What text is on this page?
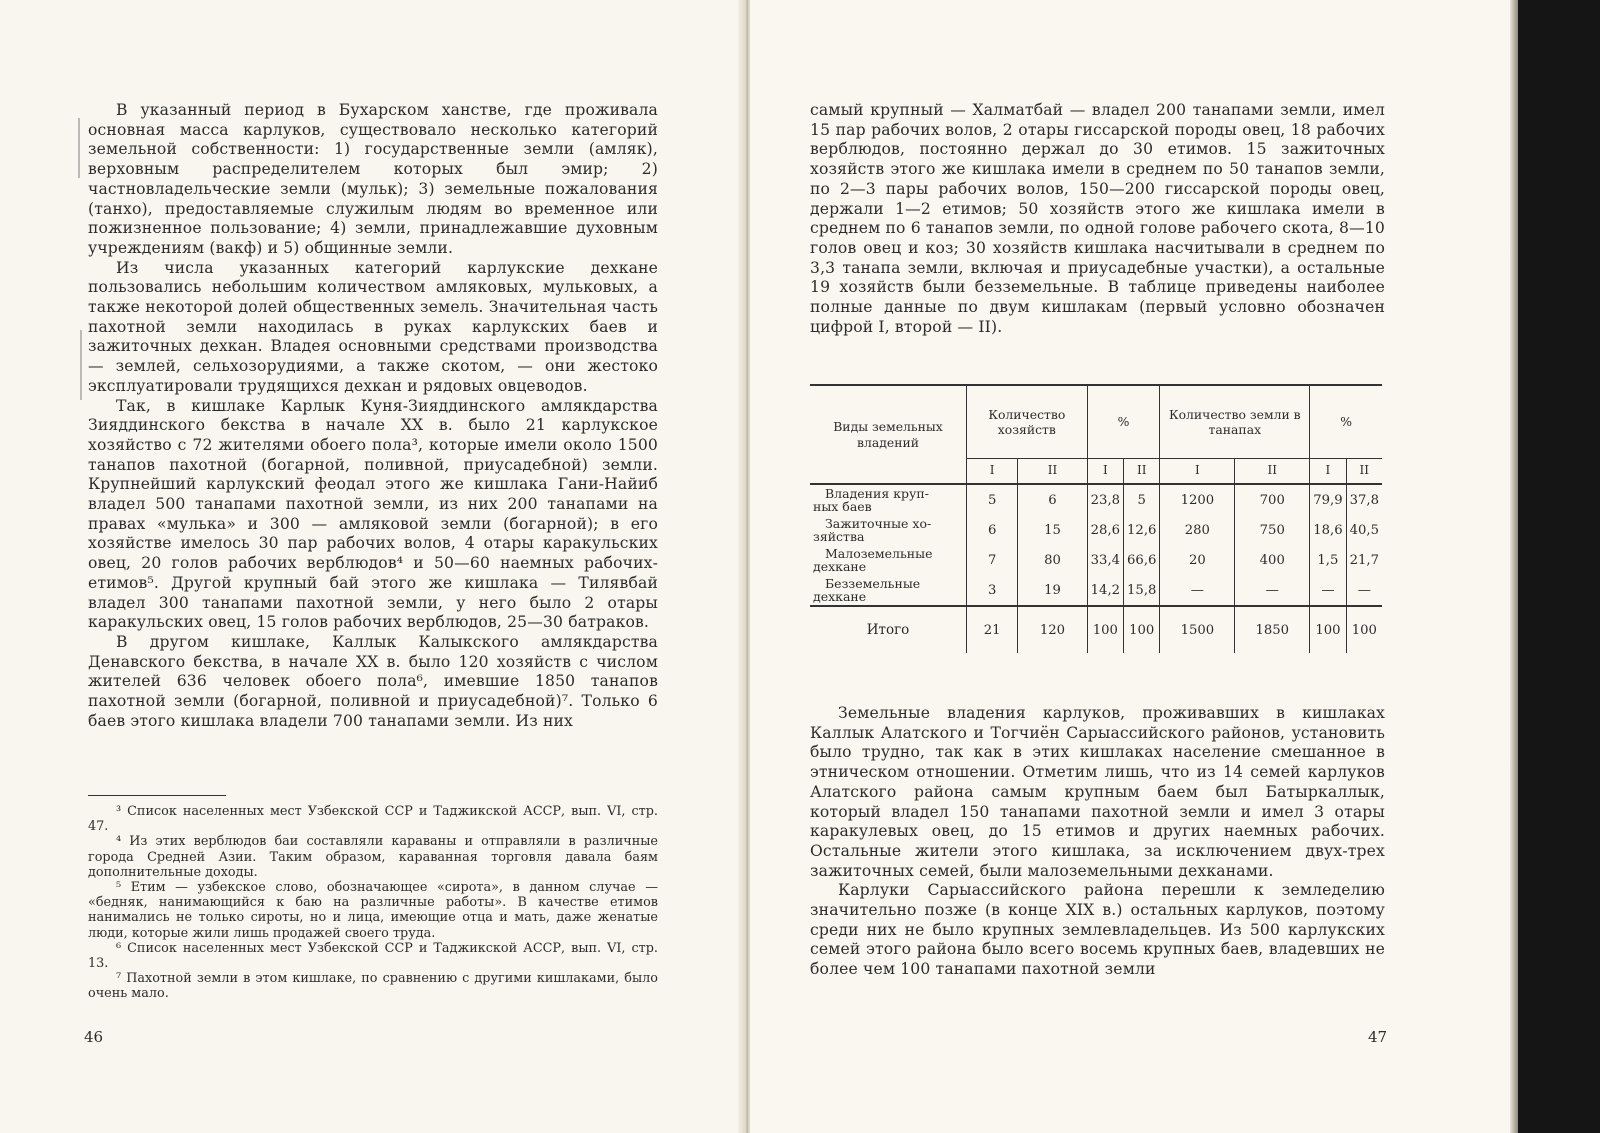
В указанный период в Бухарском ханстве, где проживала основная масса карлуков, существовало несколько категорий земельной собственности: 1) государственные земли (амляк), верховным распределителем которых был эмир; 2) частновладельческие земли (мульк); 3) земельные пожалования (танхо), предоставляемые служилым людям во временное или пожизненное пользование; 4) земли, принадлежавшие духовным учреждениям (вакф) и 5) общинные земли.

Из числа указанных категорий карлукские дехкане пользовались небольшим количеством амляковых, мульковых, а также некоторой долей общественных земель. Значительная часть пахотной земли находилась в руках карлукских баев и зажиточных дехкан. Владея основными средствами производства — землей, сельхозорудиями, а также скотом, — они жестоко эксплуатировали трудящихся дехкан и рядовых овцеводов.

Так, в кишлаке Карлык Куня-Зияддинского амлякдарства Зияддинского бекства в начале XX в. было 21 карлукское хозяйство с 72 жителями обоего пола³, которые имели около 1500 танапов пахотной (богарной, поливной, приусадебной) земли. Крупнейший карлукский феодал этого же кишлака Гани-Найиб владел 500 танапами пахотной земли, из них 200 танапами на правах «мулька» и 300 — амляковой земли (богарной); в его хозяйстве имелось 30 пар рабочих волов, 4 отары каракульских овец, 20 голов рабочих верблюдов⁴ и 50—60 наемных рабочих-етимов⁵. Другой крупный бай этого же кишлака — Тилявбай владел 300 танапами пахотной земли, у него было 2 отары каракульских овец, 15 голов рабочих верблюдов, 25—30 батраков.

В другом кишлаке, Каллык Калыкского амлякдарства Денавского бекства, в начале XX в. было 120 хозяйств с числом жителей 636 человек обоего пола⁶, имевшие 1850 танапов пахотной земли (богарной, поливной и приусадебной)⁷. Только 6 баев этого кишлака владели 700 танапами земли. Из них

³ Список населенных мест Узбекской ССР и Таджикской АССР, вып. VI, стр. 47.

⁴ Из этих верблюдов баи составляли караваны и отправляли в различные города Средней Азии. Таким образом, караванная торговля давала баям дополнительные доходы.

⁵ Етим — узбекское слово, обозначающее «сирота», в данном случае — «бедняк, нанимающийся к баю на различные работы». В качестве етимов нанимались не только сироты, но и лица, имеющие отца и мать, даже женатые люди, которые жили лишь продажей своего труда.

⁶ Список населенных мест Узбекской ССР и Таджикской АССР, вып. VI, стр. 13.

⁷ Пахотной земли в этом кишлаке, по сравнению с другими кишлаками, было очень мало.

46

самый крупный — Халматбай — владел 200 танапами земли, имел 15 пар рабочих волов, 2 отары гиссарской породы овец, 18 рабочих верблюдов, постоянно держал до 30 етимов. 15 зажиточных хозяйств этого же кишлака имели в среднем по 50 танапов земли, по 2—3 пары рабочих волов, 150—200 гиссарской породы овец, держали 1—2 етимов; 50 хозяйств этого же кишлака имели в среднем по 6 танапов земли, по одной голове рабочего скота, 8—10 голов овец и коз; 30 хозяйств кишлака насчитывали в среднем по 3,3 танапа земли, включая и приусадебные участки), а остальные 19 хозяйств были безземельные. В таблице приведены наиболее полные данные по двум кишлакам (первый условно обозначен цифрой I, второй — II).

Виды земельных владений	Количество хозяйств		%		Количество земли в танапах		%	
	I	II	I	II	I	II	I	II

Владения круп-
ных баев	5	6	23,8	5	1200	700	79,9	37,8

Зажиточные хо-
зяйства	6	15	28,6	12,6	280	750	18,6	40,5

Малоземельные
дехкане	7	80	33,4	66,6	20	400	1,5	21,7

Безземельные
дехкане	3	19	14,2	15,8	—	—	—	—
Итого	21	120	100	100	1500	1850	100	100

Земельные владения карлуков, проживавших в кишлаках Каллык Алатского и Тогчиён Сарыассийского районов, установить было трудно, так как в этих кишлаках население смешанное в этническом отношении. Отметим лишь, что из 14 семей карлуков Алатского района самым крупным баем был Батыркаллык, который владел 150 танапами пахотной земли и имел 3 отары каракулевых овец, до 15 етимов и других наемных рабочих. Остальные жители этого кишлака, за исключением двух-трех зажиточных семей, были малоземельными дехканами.

Карлуки Сарыассийского района перешли к земледелию значительно позже (в конце XIX в.) остальных карлуков, поэтому среди них не было крупных землевладельцев. Из 500 карлукских семей этого района было всего восемь крупных баев, владевших не более чем 100 танапами пахотной земли

47
